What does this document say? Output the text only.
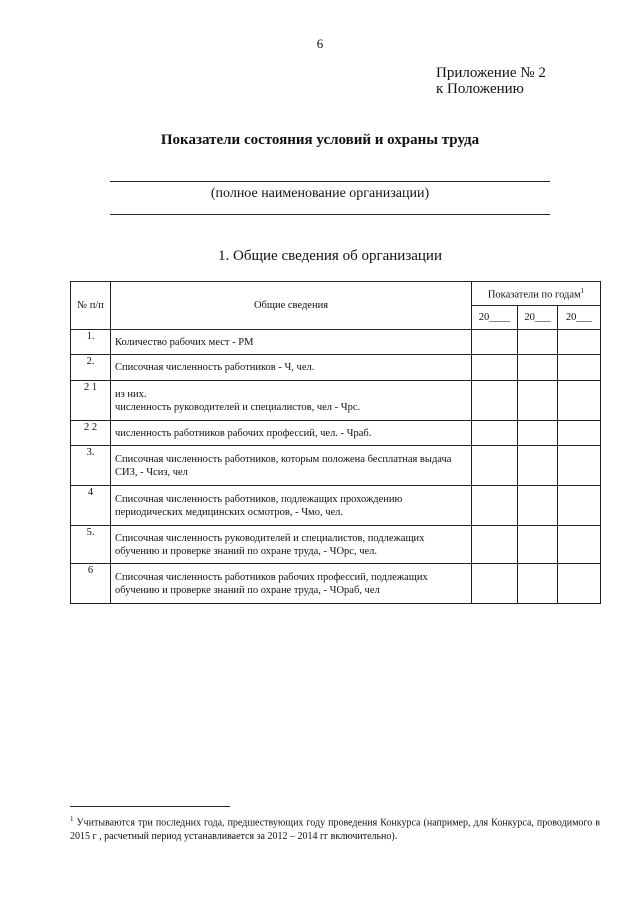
6
Приложение № 2
к Положению
Показатели состояния условий и охраны труда
(полное наименование организации)
1. Общие сведения об организации
№ п/п	Общие сведения	Показатели по годам$^1$
		20____	20___	20___
1.	Количество рабочих мест - РМ			
2.	Списочная численность работников - Ч, чел.			
2 1	из них.
численность руководителей и специалистов, чел - Чрс.			
2 2	численность работников рабочих профессий, чел. - Чраб.			
3.	Списочная численность работников, которым положена бесплатная выдача СИЗ, - Чсиз, чел			
4	Списочная численность работников, подлежащих прохождению периодических медицинских осмотров, - Чмо, чел.			
5.	Списочная численность руководителей и специалистов, подлежащих обучению и проверке знаний по охране труда, - ЧОрс, чел.			
6	Списочная численность работников рабочих профессий, подлежащих обучению и проверке знаний по охране труда, - ЧОраб, чел			
$^1$ Учитываются три последних года, предшествующих году проведения Конкурса (например, для Конкурса, проводимого в 2015 г , расчетный период устанавливается за 2012 – 2014 гг включительно).
